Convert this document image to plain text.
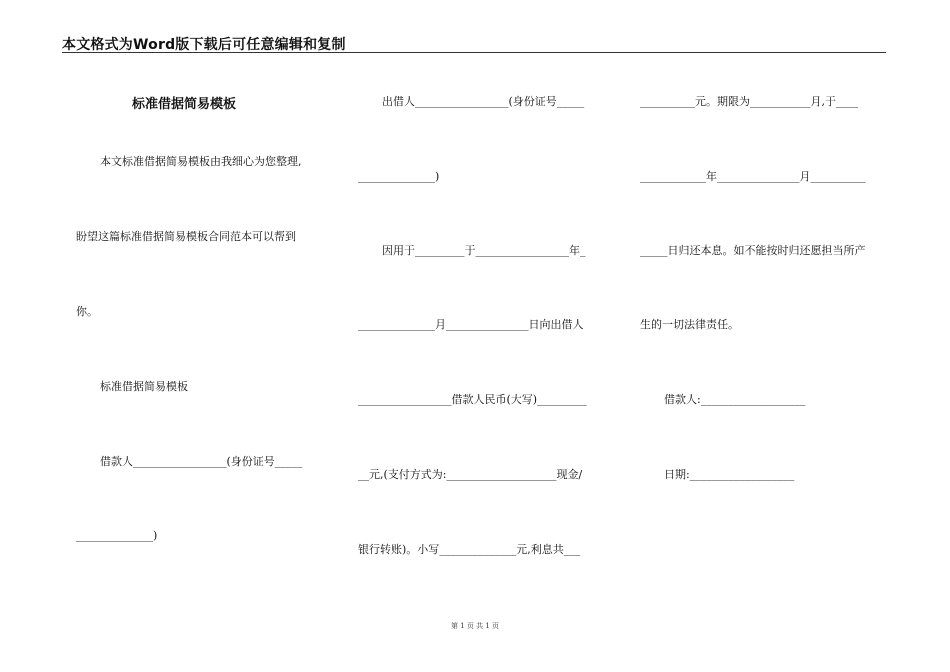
本文格式为Word版下载后可任意编辑和复制
标准借据简易模板
本文标准借据简易模板由我细心为您整理,
盼望这篇标准借据简易模板合同范本可以帮到
你。
标准借据简易模板
借款人_________________(身份证号_____
______________)
出借人_________________(身份证号_____
______________)
因用于_________于_________________年_
______________月_______________日向出借人
_________________借款人民币(大写)_________
__元,(支付方式为:____________________现金/
银行转账)。小写______________元,利息共___
__________元。期限为___________月,于____
____________年_______________月__________
_____日归还本息。如不能按时归还愿担当所产
生的一切法律责任。
借款人:___________________
日期:___________________
第 1 页 共 1 页
